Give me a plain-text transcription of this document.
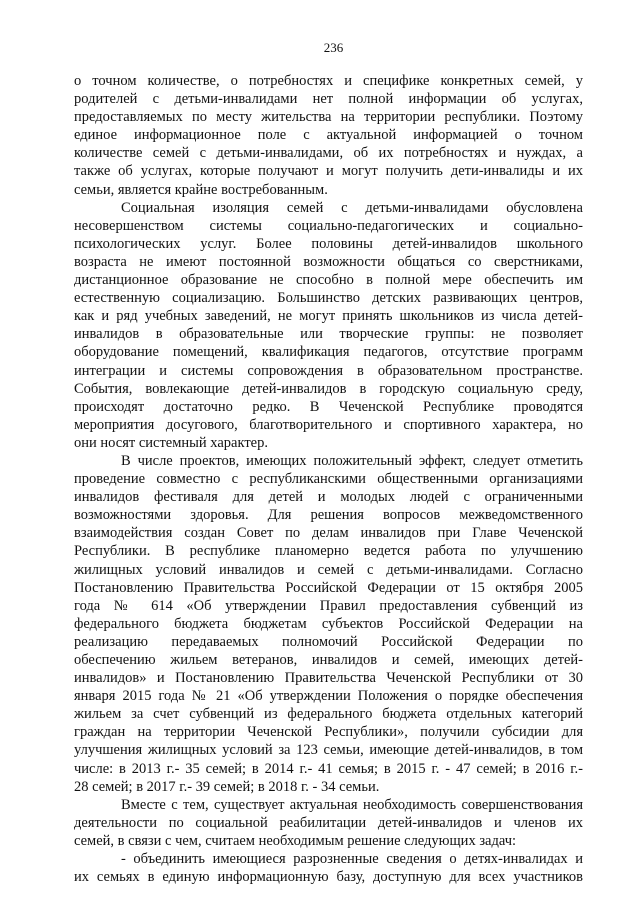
236
о точном количестве, о потребностях и специфике конкретных семей, у
родителей с детьми-инвалидами нет полной информации об услугах,
предоставляемых по месту жительства на территории республики. Поэтому
единое информационное поле с актуальной информацией о точном
количестве семей с детьми-инвалидами, об их потребностях и нуждах, а
также об услугах, которые получают и могут получить дети-инвалиды и их
семьи, является крайне востребованным.
Социальная изоляция семей с детьми-инвалидами обусловлена
несовершенством системы социально-педагогических и социально-
психологических услуг. Более половины детей-инвалидов школьного
возраста не имеют постоянной возможности общаться со сверстниками,
дистанционное образование не способно в полной мере обеспечить им
естественную социализацию. Большинство детских развивающих центров,
как и ряд учебных заведений, не могут принять школьников из числа детей-
инвалидов в образовательные или творческие группы: не позволяет
оборудование помещений, квалификация педагогов, отсутствие программ
интеграции и системы сопровождения в образовательном пространстве.
События, вовлекающие детей-инвалидов в городскую социальную среду,
происходят достаточно редко. В Чеченской Республике проводятся
мероприятия досугового, благотворительного и спортивного характера, но
они носят системный характер.
В числе проектов, имеющих положительный эффект, следует отметить
проведение совместно с республиканскими общественными организациями
инвалидов фестиваля для детей и молодых людей с ограниченными
возможностями здоровья. Для решения вопросов межведомственного
взаимодействия создан Совет по делам инвалидов при Главе Чеченской
Республики. В республике планомерно ведется работа по улучшению
жилищных условий инвалидов и семей с детьми-инвалидами. Согласно
Постановлению Правительства Российской Федерации от 15 октября 2005
года № 614 «Об утверждении Правил предоставления субвенций из
федерального бюджета бюджетам субъектов Российской Федерации на
реализацию передаваемых полномочий Российской Федерации по
обеспечению жильем ветеранов, инвалидов и семей, имеющих детей-
инвалидов» и Постановлению Правительства Чеченской Республики от 30
января 2015 года № 21 «Об утверждении Положения о порядке обеспечения
жильем за счет субвенций из федерального бюджета отдельных категорий
граждан на территории Чеченской Республики», получили субсидии для
улучшения жилищных условий за 123 семьи, имеющие детей-инвалидов, в том
числе: в 2013 г.- 35 семей; в 2014 г.- 41 семья; в 2015 г. - 47 семей; в 2016 г.-
28 семей; в 2017 г.- 39 семей; в 2018 г. - 34 семьи.
Вместе с тем, существует актуальная необходимость совершенствования
деятельности по социальной реабилитации детей-инвалидов и членов их
семей, в связи с чем, считаем необходимым решение следующих задач:
- объединить имеющиеся разрозненные сведения о детях-инвалидах и
их семьях в единую информационную базу, доступную для всех участников
